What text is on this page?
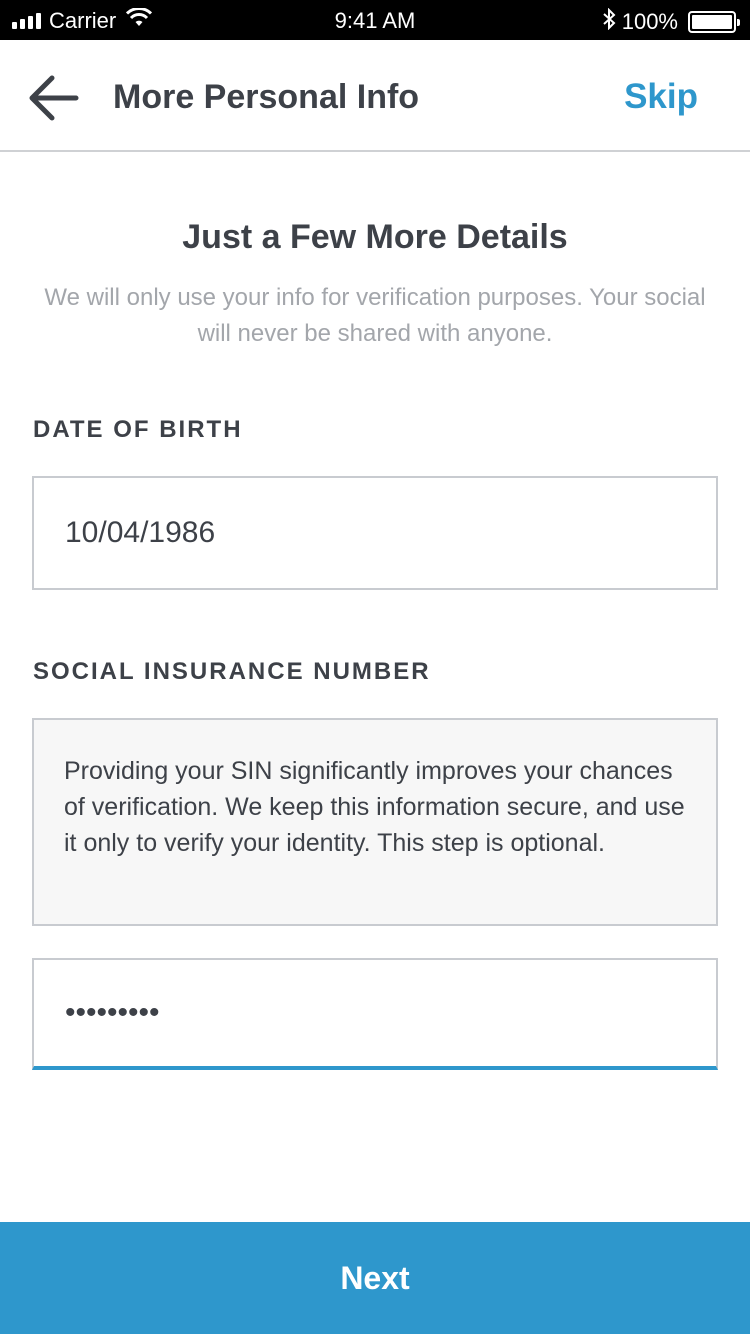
Carrier	9:41 AM	100%
More Personal Info	Skip
Just a Few More Details
We will only use your info for verification purposes. Your social will never be shared with anyone.
DATE OF BIRTH
10/04/1986
SOCIAL INSURANCE NUMBER
Providing your SIN significantly improves your chances of verification. We keep this information secure, and use it only to verify your identity. This step is optional.
•••••••••
Next
